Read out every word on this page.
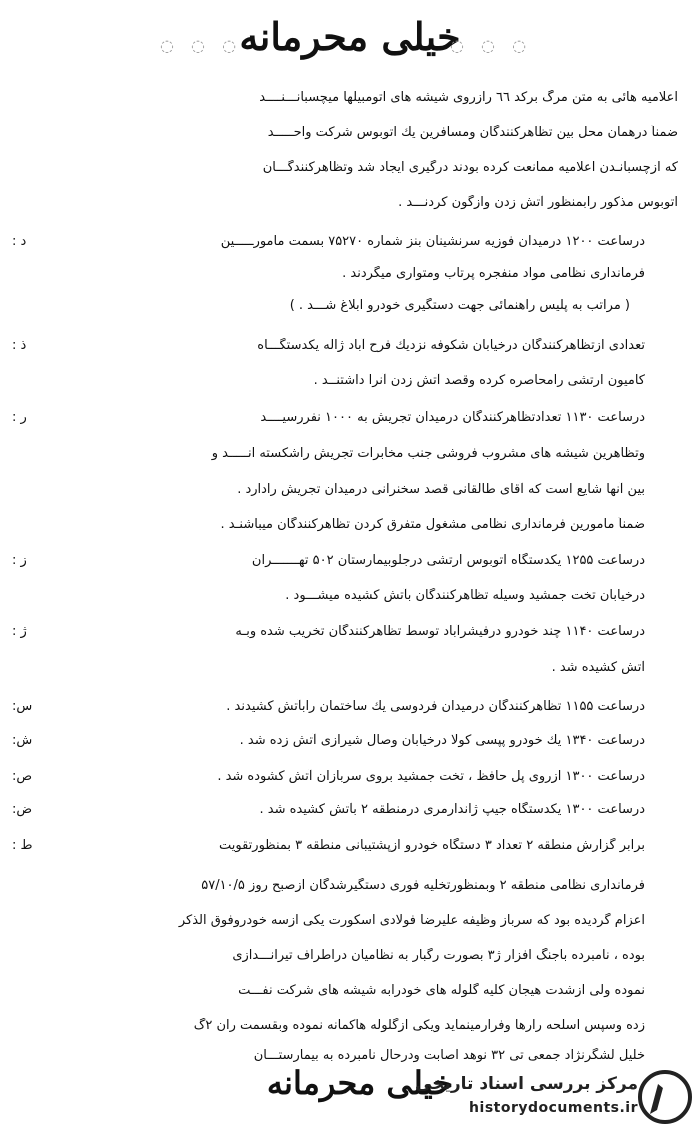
◌ ◌ ◌
خیلی محرمانه
◌ ◌ ◌
اعلامیه هائی به متن مرگ برکد ٦٦ رازروی شیشه های اتومبیلها میچسبانـــنــــد
ضمناً درهمان محل بین تظاهرکنندگان ومسافرین یك اتوبوس شرکت واحـــــد
که ازچسبانـدن اعلامیه ممانعت کرده بودند درگیری ایجاد شد وتظاهرکنندگـــان
اتوبوس مذکور رابمنظور آتش زدن وازگون کردنـــد .
د :	درساعت ۱۲۰۰ درمیدان فوزیه سرنشینان بنز شماره ۷۵۲۷۰ بسمت مامورـــــین
فرمانداری نظامی مواد منفجره پرتاب ومتواری میگردند .
( مراتب به پلیس راهنمائی جهت دستگیری خودرو ابلاغ شـــد . )
ذ :	تعدادی ازتظاهرکنندگان درخیابان شکوفه نزدیك فرح آباد ژاله یکدستگـــاه
کامیون ارتشی رامحاصره کرده وقصد آتش زدن آنرا داشتنــد .
ر :	درساعت ۱۱۳۰ تعدادتظاهرکنندگان درمیدان تجریش به ۱۰۰۰ نفررسیــــد
وتظاهرین شیشه های مشروب فروشی جنب مخابرات تجریش راشکسته انـــــد و
بین آنها شایع است که آقای طالقانی قصد سخنرانی درمیدان تجریش رادارد .
ضمناً مامورین فرمانداری نظامی مشغول متفرق کردن تظاهرکنندگان میباشنـد .
ز :	درساعت ۱۲۵۵ یکدستگاه اتوبوس ارتشی درجلوبیمارستان ۵۰۲ تهـــــــران
درخیابان تخت جمشید وسیله تظاهرکنندگان بآتش کشیده میشـــود .
ژ :	درساعت ۱۱۴۰ چند خودرو درفیشرآباد توسط تظاهرکنندگان تخریب شده وبـه
آتش کشیده شد .
س:	درساعت ۱۱۵۵ تظاهرکنندگان درمیدان فردوسی یك ساختمان رابآتش کشیدند .
ش:	درساعت ۱۳۴۰ یك خودرو پپسی کولا درخیابان وصال شیرازی آتش زده شد .
ص:	درساعت ۱۳۰۰ ازروی پل حافظ ، تخت جمشید بروی سربازان آتش کشوده شد .
ض:	درساعت ۱۳۰۰ یکدستگاه جیپ ژاندارمری درمنطقه ۲ بآتش کشیده شد .
ط :	برابر گزارش منطقه ۲ تعداد ۳ دستگاه خودرو ازپشتیبانی منطقه ۳ بمنظورتقویت
فرمانداری نظامی منطقه ۲ وبمنظورتخلیه فوری دستگیرشدگان ازصبح روز ۵۷/۱۰/۵
اعزام گردیده بود که سرباز وظیفه علیرضا فولادی اسکورت یکی ازسه خودروفوق الذکر
بوده ، نامبرده باجنگ افزار ژ۳ بصورت رگبار به نظامیان دراطراف تیرانـــدازی
نموده ولی ازشدت هیجان کلیه گلوله های خودرابه شیشه های شرکت نفـــت
زده وسپس اسلحه رارها وفرارمینماید ویکی ازگلوله هاکمانه نموده وبقسمت ران ۲گ
خلیل لشگرنژاد جمعی تی ۳۲ نوهد اصابت ودرحال نامبرده به بیمارستـــان
خیلی محرمانه
مرکز بررسی اسناد تاریخی
historydocuments.ir
